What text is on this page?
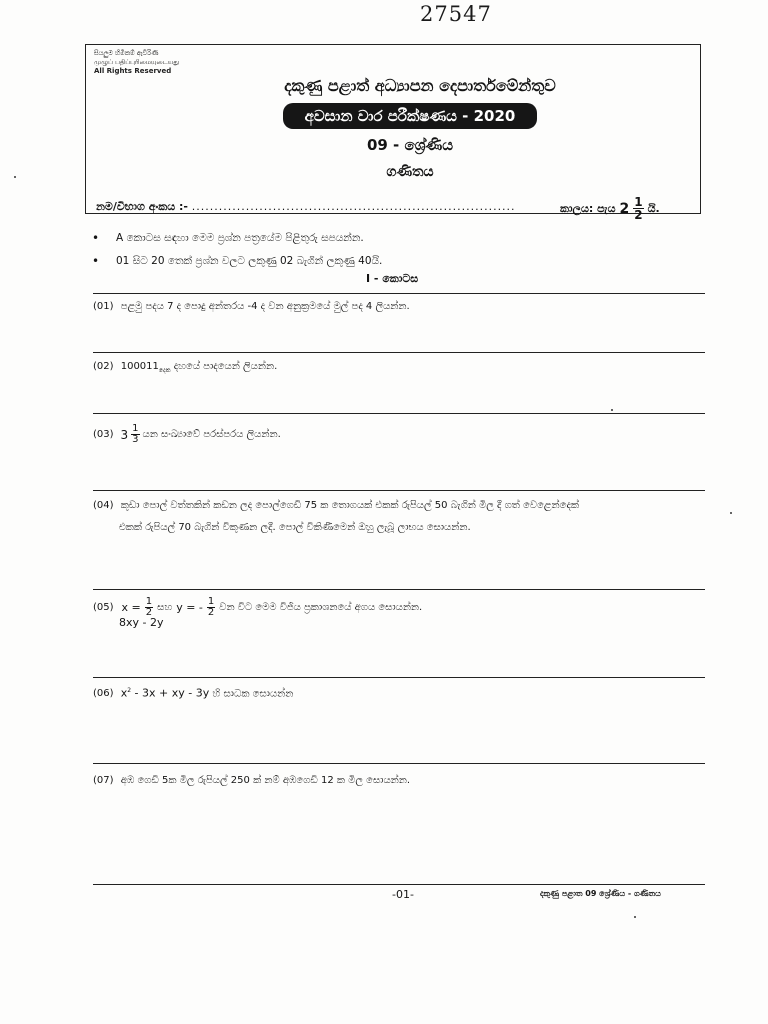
27547
සියලුම හිමිකම් ඇවිරිණි
முழுப் பதிப்புரிமையுடையது
All Rights Reserved
දකුණු පළාත් අධ්‍යාපන දෙපාර්තමේන්තුව
අවසාන වාර පරීක්ෂණය - 2020
09 - ශ්‍රේණිය
ගණිතය
නම/විභාග අංකය :- ........................................................................	කාලය: පැය $2 \frac{1}{2}$ යි.
• A කොටස සඳහා මෙම ප්‍රශ්න පත්‍රයේම පිළිතුරු සපයන්න.
• 01 සිට 20 තෙක් ප්‍රශ්න වලට ලකුණු 02 බැගින් ලකුණු 40යි.
I - කොටස
(01) පළමු පදය 7 ද පොදු අන්තරය -4 ද වන අනුක්‍රමයේ මුල් පද 4 ලියන්න.
(02) $100011_{දෙක}$ දහයේ පාදයෙන් ලියන්න.
(03) $3 \frac{1}{3}$ යන සංඛ්‍යාවේ පරස්පරය ලියන්න.
(04) කුඩා පොල් වත්තකින් කඩන ලද පොල්ගෙඩි 75 ක තොගයක් එකක් රුපියල් 50 බැගින් මිල දී ගත් වෙළෙන්දෙක්
එකක් රුපියල් 70 බැගින් විකුණන ලදී. පොල් විකිණීමෙන් ඔහු ලැබූ ලාභය සොයන්න.
(05) $x = \frac{1}{2}$ සහ y = - $\frac{1}{2}$ වන විට මෙම විජිය ප්‍රකාශනයේ අගය සොයන්න.
8xy - 2y
(06) $x^2 - 3x$ + xy - 3y හි සාධක සොයන්න
(07) අඹ ගෙඩි 5ක මිල රුපියල් 250 ක් නම් අඹගෙඩි 12 ක මිල සොයන්න.
-01-	දකුණු පළාත 09 ශ්‍රේණිය - ගණිතය
